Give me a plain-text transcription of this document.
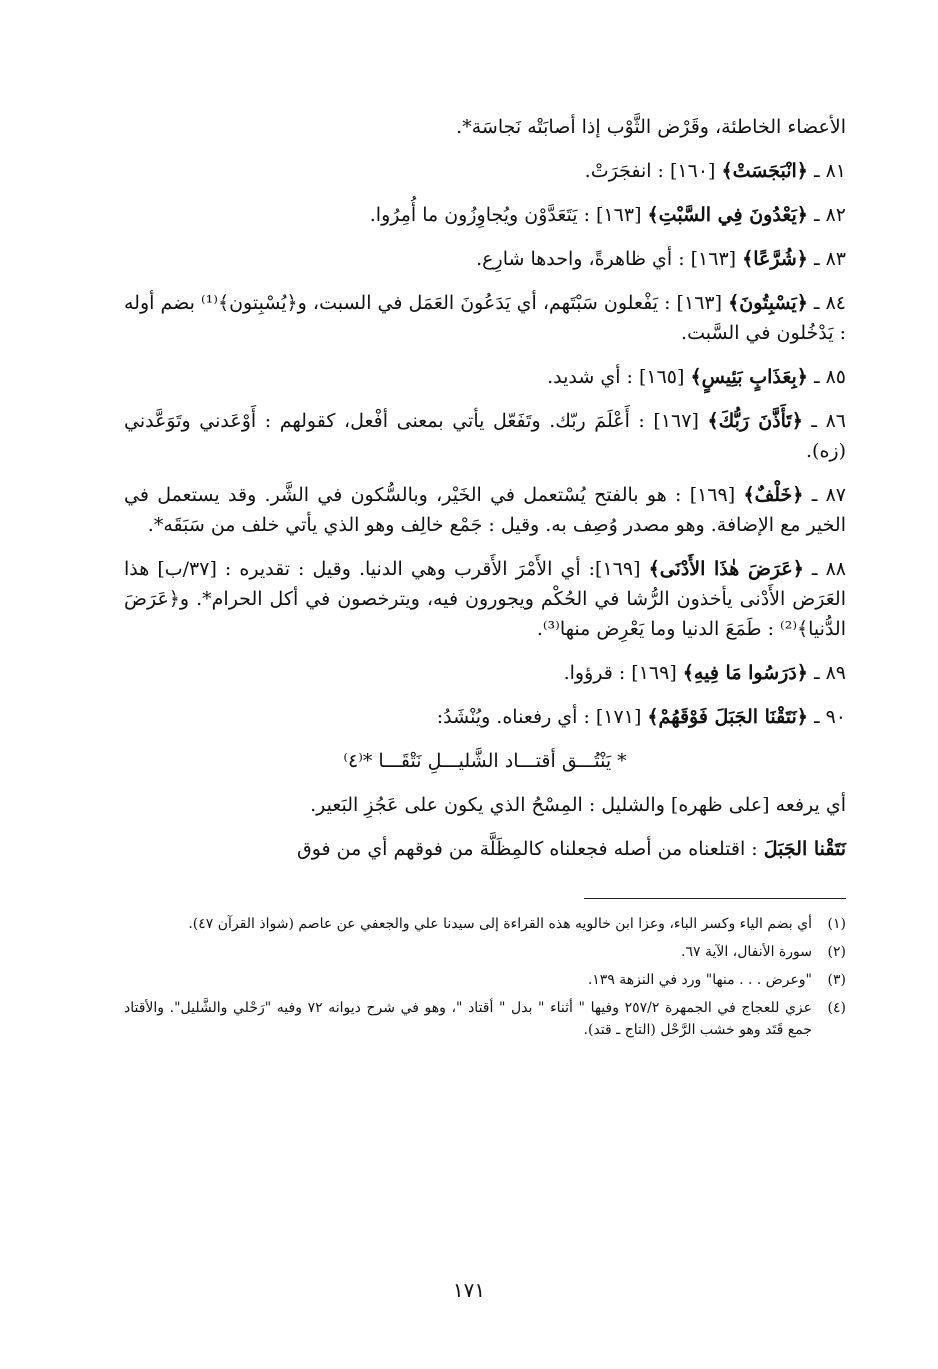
الأعضاء الخاطئة، وقَرْض الثَّوْب إذا أصابَتْه نَجاسَة*.

٨١ ـ ﴿انْبَجَسَتْ﴾ [١٦٠] : انفجَرَتْ.

٨٢ ـ ﴿يَعْدُونَ فِي السَّبْتِ﴾ [١٦٣] : يَتَعَدَّوْن ويُجاوِزُون ما أُمِرُوا.

٨٣ ـ ﴿شُرَّعًا﴾ [١٦٣] : أي ظاهرةً، واحدها شارِع.

٨٤ ـ ﴿يَسْبِتُونَ﴾ [١٦٣] : يَفْعلون سَبْتَهم، أي يَدَعُونَ العَمَل في السبت، و﴿يُسْبِتون﴾⁽¹⁾ بضم أوله : يَدْخُلون في السَّبت.

٨٥ ـ ﴿بِعَذَابٍ بَئِيسٍ﴾ [١٦٥] : أي شديد.

٨٦ ـ ﴿تَأَذَّنَ رَبُّكَ﴾ [١٦٧] : أَعْلَمَ ربّك. وتَفَعّل يأتي بمعنى أفْعل، كقولهم : أَوْعَدني وتَوَعَّدني (زه).

٨٧ ـ ﴿خَلْفٌ﴾ [١٦٩] : هو بالفتح يُسْتعمل في الخَيْر، وبالسُّكون في الشَّر. وقد يستعمل في الخير مع الإضافة. وهو مصدر وُصِف به. وقيل : جَمْع خالِف وهو الذي يأتي خلف من سَبَقَه*.

٨٨ ـ ﴿عَرَضَ هٰذَا الأَدْنَى﴾ [١٦٩]: أي الأَمْرَ الأَقرب وهي الدنيا. وقيل : تقديره : [٣٧/ب] هذا العَرَض الأَدْنى يأخذون الرُّشا في الحُكْم ويجورون فيه، ويترخصون في أكل الحرام*. و﴿عَرَضَ الدُّنيا﴾⁽²⁾ : طَمَعَ الدنيا وما يَعْرِض منها⁽³⁾.

٨٩ ـ ﴿دَرَسُوا مَا فِيهِ﴾ [١٦٩] : قرؤوا.

٩٠ ـ ﴿نَتَقْنَا الجَبَلَ فَوْقَهُمْ﴾ [١٧١] : أي رفعناه. ويُنْشَدُ:

* يَنْتُـــق أقتـــاد الشَّليـــلِ نَتْقَـــا *⁽٤⁾

أي يرفعه [على ظهره] والشليل : المِسْحُ الذي يكون على عَجُزِ البَعير.

نَتَقْنا الجَبَلَ : اقتلعناه من أصله فجعلناه كالمِظَلَّة من فوقهم أي من فوق

(١)
أي بضم الياء وكسر الباء، وعزا ابن خالويه هذه القراءة إلى سيدنا علي والجعفي عن عاصم (شواذ القرآن ٤٧).
(٢)
سورة الأنفال، الآية ٦٧.
(٣)
"وعرض . . . منها" ورد في النزهة ١٣٩.
(٤)
عزي للعجاج في الجمهرة ٢٥٧/٢ وفيها " أثناء " بدل " أقتاد "، وهو في شرح ديوانه ٧٢ وفيه "رَحْلي والشَّليل". والأقتاد جمع قَتَد وهو خشب الرَّحْل (التاج ـ قتد).
١٧١
